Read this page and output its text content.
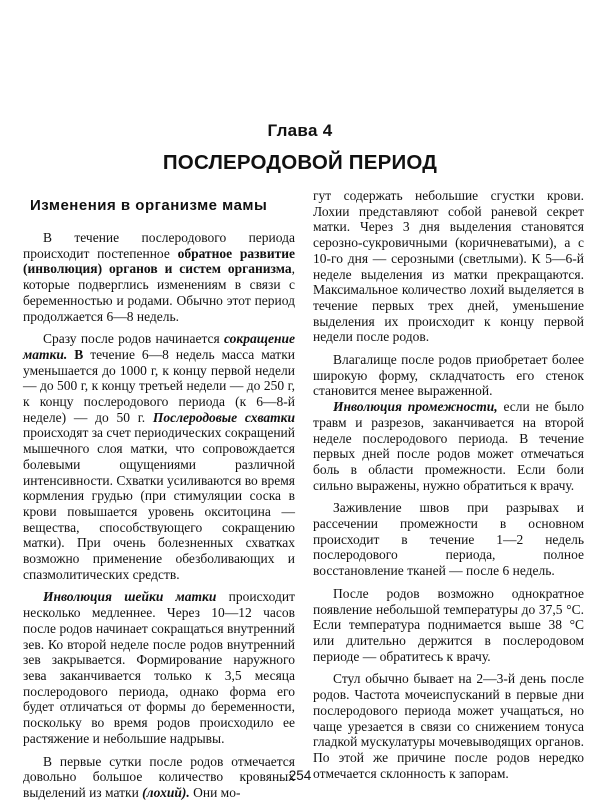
Глава 4
ПОСЛЕРОДОВОЙ ПЕРИОД
Изменения в организме мамы

В течение послеродового периода происходит постепенное обратное развитие (инволюция) органов и систем организма, которые подверглись изменениям в связи с беременностью и родами. Обычно этот период продолжается 6—8 недель.

Сразу после родов начинается сокращение матки. В течение 6—8 недель масса матки уменьшается до 1000 г, к концу первой недели — до 500 г, к концу третьей недели — до 250 г, к концу послеродового периода (к 6—8-й неделе) — до 50 г. Послеродовые схватки происходят за счет периодических сокращений мышечного слоя матки, что сопровождается болевыми ощущениями различной интенсивности. Схватки усиливаются во время кормления грудью (при стимуляции соска в крови повышается уровень окситоцина — вещества, способствующего сокращению матки). При очень болезненных схватках возможно применение обезболивающих и спазмолитических средств.

Инволюция шейки матки происходит несколько медленнее. Через 10—12 часов после родов начинает сокращаться внутренний зев. Ко второй неделе после родов внутренний зев закрывается. Формирование наружного зева заканчивается только к 3,5 месяца послеродового периода, однако форма его будет отличаться от формы до беременности, поскольку во время родов происходило ее растяжение и небольшие надрывы.

В первые сутки после родов отмечается довольно большое количество кровяных выделений из матки (лохий). Они мо-

гут содержать небольшие сгустки крови. Лохии представляют собой раневой секрет матки. Через 3 дня выделения становятся серозно-сукровичными (коричневатыми), а с 10-го дня — серозными (светлыми). К 5—6-й неделе выделения из матки прекращаются. Максимальное количество лохий выделяется в течение первых трех дней, уменьшение выделения их происходит к концу первой недели после родов.

Влагалище после родов приобретает более широкую форму, складчатость его стенок становится менее выраженной.

Инволюция промежности, если не было травм и разрезов, заканчивается на второй неделе послеродового периода. В течение первых дней после родов может отмечаться боль в области промежности. Если боли сильно выражены, нужно обратиться к врачу.

Заживление швов при разрывах и рассечении промежности в основном происходит в течение 1—2 недель послеродового периода, полное восстановление тканей — после 6 недель.

После родов возможно однократное появление небольшой температуры до 37,5 °С. Если температура поднимается выше 38 °С или длительно держится в послеродовом периоде — обратитесь к врачу.

Стул обычно бывает на 2—3-й день после родов. Частота мочеиспусканий в первые дни послеродового периода может учащаться, но чаще урезается в связи со снижением тонуса гладкой мускулатуры мочевыводящих органов. По этой же причине после родов нередко отмечается склонность к запорам.

254
